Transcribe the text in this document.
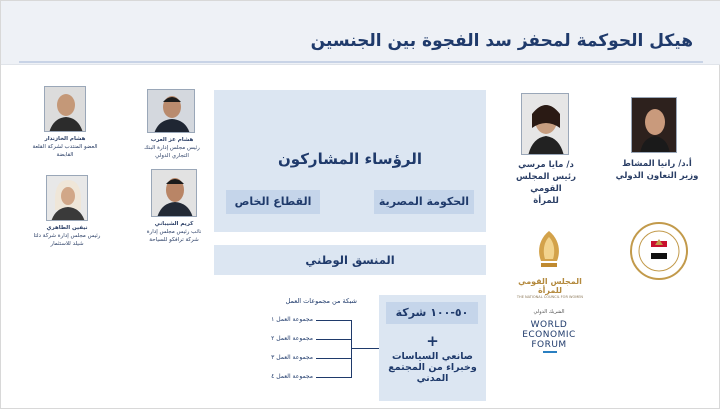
هيكل الحوكمة لمحفز سد الفجوة بين الجنسين
الرؤساء المشاركون
الحكومة المصرية
القطاع الخاص
المنسق الوطني
٥٠-١٠٠ شركة
+
صانعي السياسات وخبراء من المجتمع المدني
شبكة من مجموعات العمل
مجموعة العمل ١
مجموعة العمل ٢
مجموعة العمل ٣
مجموعة العمل ٤
أ.د/ رانيا المشاط
وزير التعاون الدولي
د/ مايا مرسي
رئيس المجلس القومي
للمرأة
هشام عز العرب
رئيس مجلس إدارة البنك
التجاري الدولي
هشام الخازندار
العضو المنتدب لشركة القلعة
القابضة
كريم الشيباني
نائب رئيس مجلس إدارة
شركة ترافكو للسياحة
نيفين الطاهري
رئيس مجلس إدارة شركة دلتا
شيلد للاستثمار
المجلس القومي للمرأة
THE NATIONAL COUNCIL FOR WOMEN
الشريك الدولي
WORLD
ECONOMIC
FORUM
